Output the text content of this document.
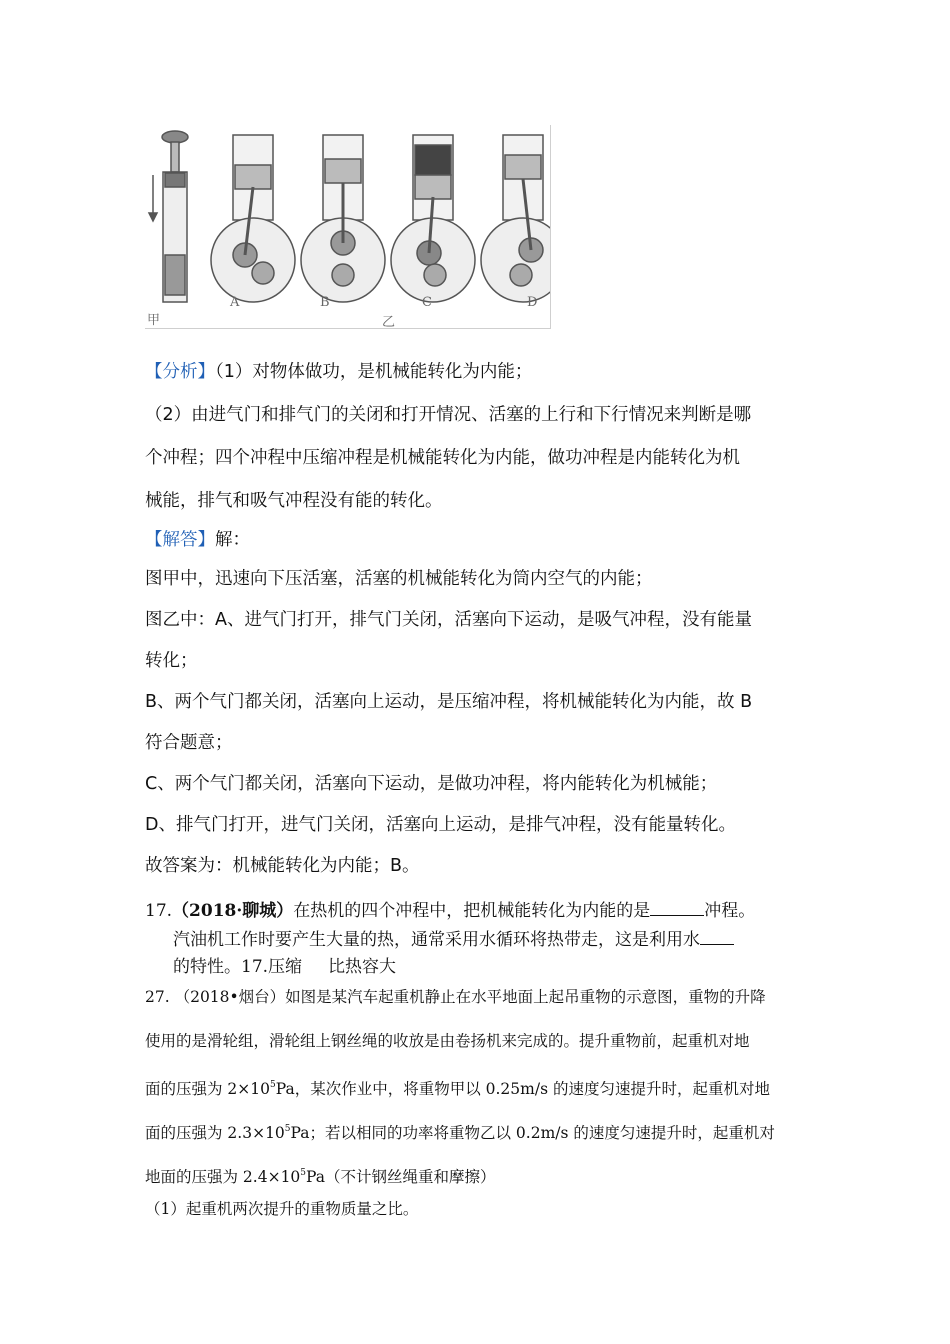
A	B	C	D
甲	乙
【分析】（1）对物体做功，是机械能转化为内能；
（2）由进气门和排气门的关闭和打开情况、活塞的上行和下行情况来判断是哪
个冲程；四个冲程中压缩冲程是机械能转化为内能，做功冲程是内能转化为机
械能，排气和吸气冲程没有能的转化。
【解答】解：
图甲中，迅速向下压活塞，活塞的机械能转化为筒内空气的内能；
图乙中：A、进气门打开，排气门关闭，活塞向下运动，是吸气冲程，没有能量
转化；
B、两个气门都关闭，活塞向上运动，是压缩冲程，将机械能转化为内能，故 B
符合题意；
C、两个气门都关闭，活塞向下运动，是做功冲程，将内能转化为机械能；
D、排气门打开，进气门关闭，活塞向上运动，是排气冲程，没有能量转化。
故答案为：机械能转化为内能；B。
17.（2018·聊城）在热机的四个冲程中，把机械能转化为内能的是	冲程。
汽油机工作时要产生大量的热，通常采用水循环将热带走，这是利用水
的特性。17.压缩 比热容大
27. （2018•烟台）如图是某汽车起重机静止在水平地面上起吊重物的示意图，重物的升降
使用的是滑轮组，滑轮组上钢丝绳的收放是由卷扬机来完成的。提升重物前，起重机对地
面的压强为 $2\times 10^5Pa$，某次作业中，将重物甲以 0.25m/s 的速度匀速提升时，起重机对地
面的压强为 $2.3\times 10^5Pa$；若以相同的功率将重物乙以 0.2m/s 的速度匀速提升时，起重机对
地面的压强为 $2.4\times 10^5Pa$（不计钢丝绳重和摩擦）
（1）起重机两次提升的重物质量之比。
